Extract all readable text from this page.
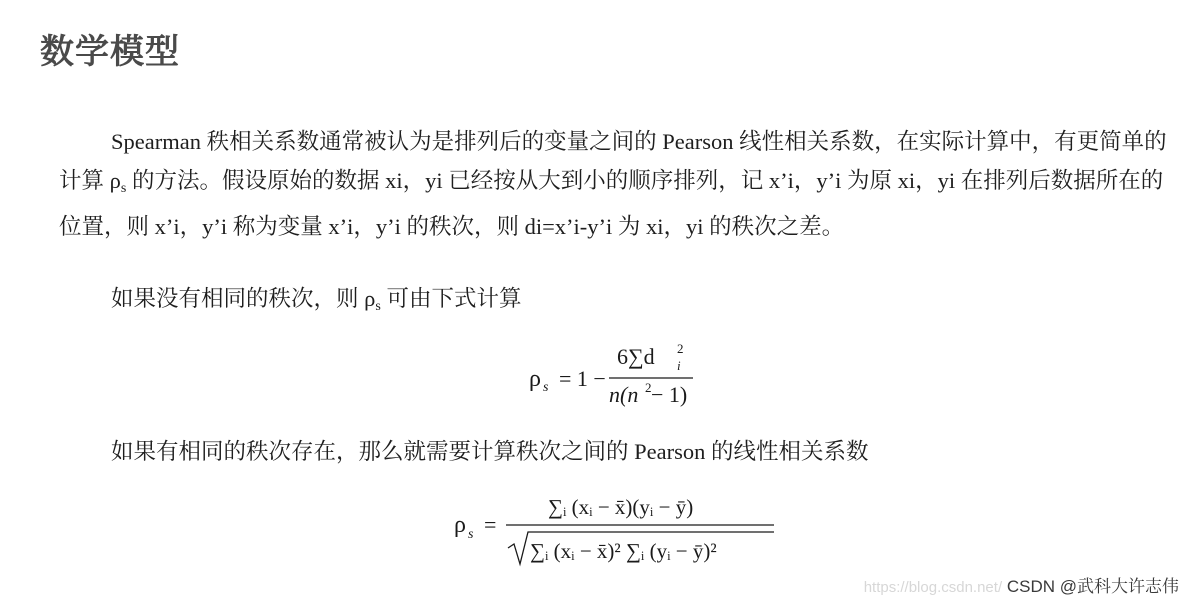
数学模型
Spearman 秩相关系数通常被认为是排列后的变量之间的 Pearson 线性相关系数，在实际计算中，有更简单的计算 ρs 的方法。假设原始的数据 xi，yi 已经按从大到小的顺序排列，记 x’i，y’i 为原 xi，yi 在排列后数据所在的位置，则 x’i，y’i 称为变量 x’i，y’i 的秩次，则 di=x’i-y’i 为 xi，yi 的秩次之差。
如果没有相同的秩次，则 ρs 可由下式计算
ρ s = 1 −
6∑d i
2
n(n 2 − 1)
如果有相同的秩次存在，那么就需要计算秩次之间的 Pearson 的线性相关系数
ρ s =
∑ᵢ (xᵢ − x̄)(yᵢ − ȳ)
∑ᵢ (xᵢ − x̄)² ∑ᵢ (yᵢ − ȳ)²
https://blog.csdn.net/ CSDN @武科大许志伟
